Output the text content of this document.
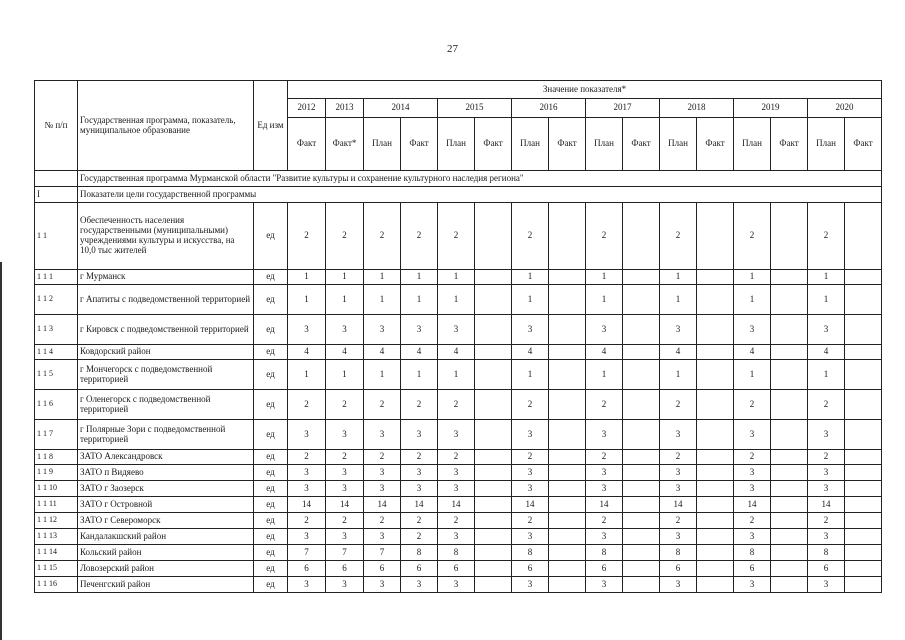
27
№ п/п	Государственная программа, показатель, муниципальное образование	Ед изм	Значение показателя*															
			2012	2013	2014		2015		2016		2017		2018		2019		2020	
			Факт	Факт*	План	Факт	План	Факт	План	Факт	План	Факт	План	Факт	План	Факт	План	Факт
	Государственная программа Мурманской области "Развитие культуры и сохранение культурного наследия региона"																	
I	Показатели цели государственной программы																	
1 1	Обеспеченность населения государственными (муниципальными) учреждениями культуры и искусства, на 10,0 тыс жителей	ед	2	2	2	2	2		2		2		2		2		2	
1 1 1	г Мурманск	ед	1	1	1	1	1		1		1		1		1		1	
1 1 2	г Апатиты с подведомственной территорией	ед	1	1	1	1	1		1		1		1		1		1	
1 1 3	г Кировск с подведомственной территорией	ед	3	3	3	3	3		3		3		3		3		3	
1 1 4	Ковдорский район	ед	4	4	4	4	4		4		4		4		4		4	
1 1 5	г Мончегорск с подведомственной территорией	ед	1	1	1	1	1		1		1		1		1		1	
1 1 6	г Оленегорск с подведомственной территорией	ед	2	2	2	2	2		2		2		2		2		2	
1 1 7	г Полярные Зори с подведомственной территорией	ед	3	3	3	3	3		3		3		3		3		3	
1 1 8	ЗАТО Александровск	ед	2	2	2	2	2		2		2		2		2		2	
1 1 9	ЗАТО п Видяево	ед	3	3	3	3	3		3		3		3		3		3	
1 1 10	ЗАТО г Заозерск	ед	3	3	3	3	3		3		3		3		3		3	
1 1 11	ЗАТО г Островной	ед	14	14	14	14	14		14		14		14		14		14	
1 1 12	ЗАТО г Североморск	ед	2	2	2	2	2		2		2		2		2		2	
1 1 13	Кандалакшский район	ед	3	3	3	2	3		3		3		3		3		3	
1 1 14	Кольский район	ед	7	7	7	8	8		8		8		8		8		8	
1 1 15	Ловозерский район	ед	6	6	6	6	6		6		6		6		6		6	
1 1 16	Печенгский район	ед	3	3	3	3	3		3		3		3		3		3	
